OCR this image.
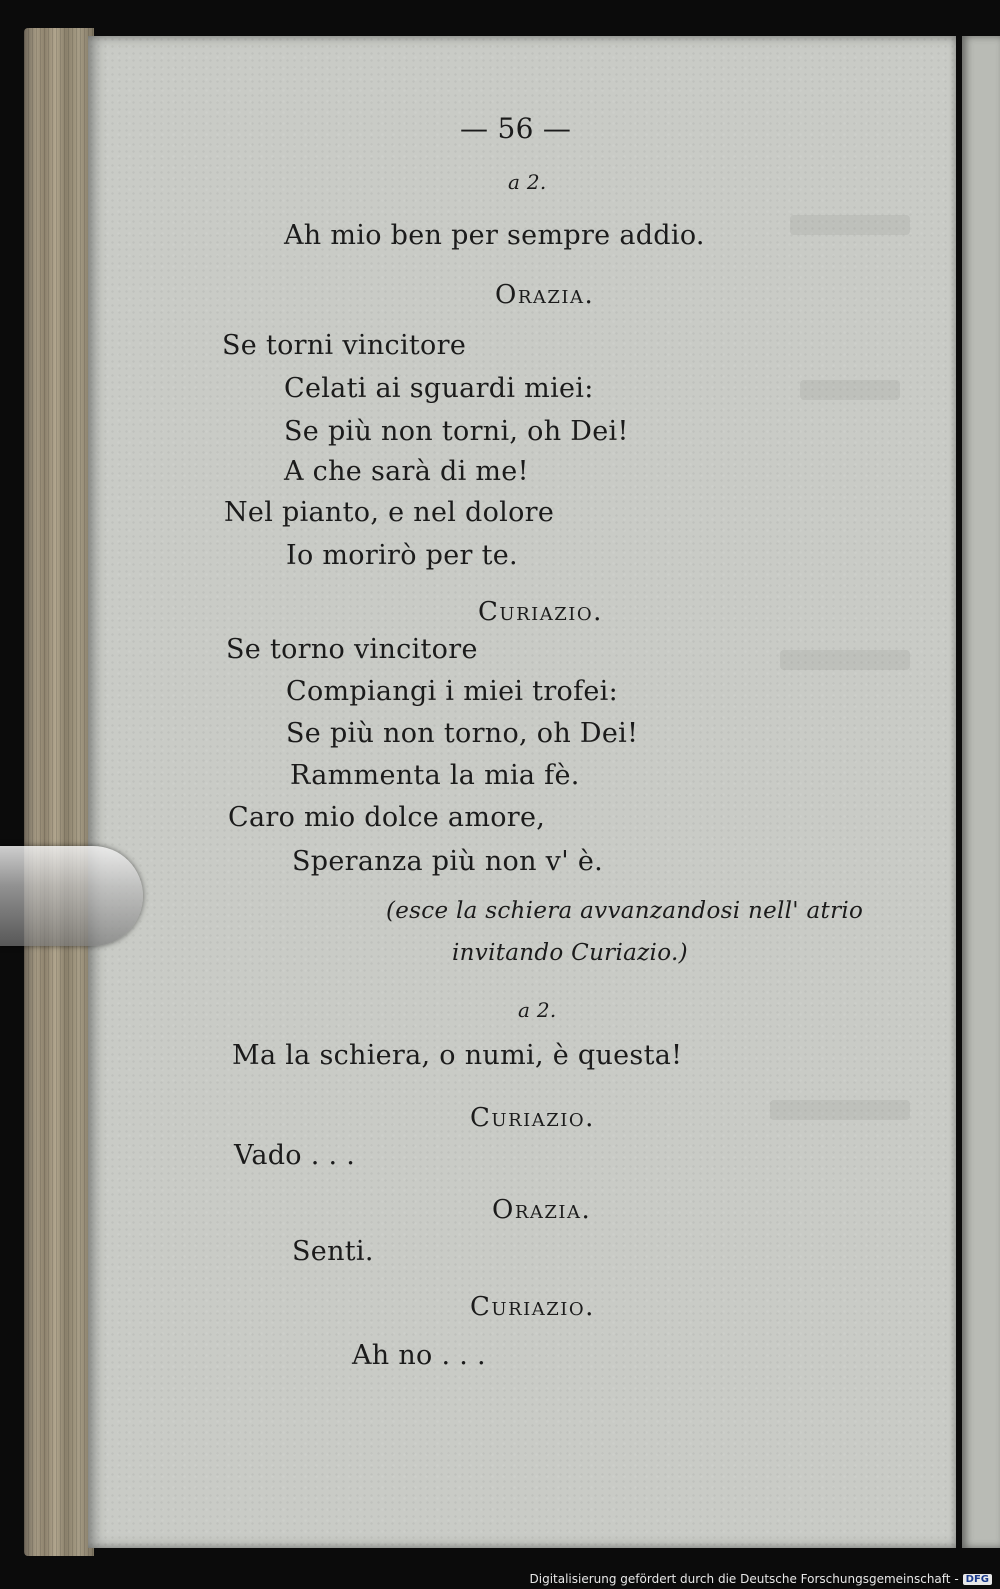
— 56 —
a 2.
Ah mio ben per sempre addio.
Orazia.
Se torni vincitore
Celati ai sguardi miei:
Se più non torni, oh Dei!
A che sarà di me!
Nel pianto, e nel dolore
Io morirò per te.
Curiazio.
Se torno vincitore
Compiangi i miei trofei:
Se più non torno, oh Dei!
Rammenta la mia fè.
Caro mio dolce amore,
Speranza più non v' è.
(esce la schiera avvanzandosi nell' atrio
invitando Curiazio.)
a 2.
Ma la schiera, o numi, è questa!
Curiazio.
Vado . . .
Orazia.
Senti.
Curiazio.
Ah no . . .
Digitalisierung gefördert durch die Deutsche Forschungsgemeinschaft - DFG
